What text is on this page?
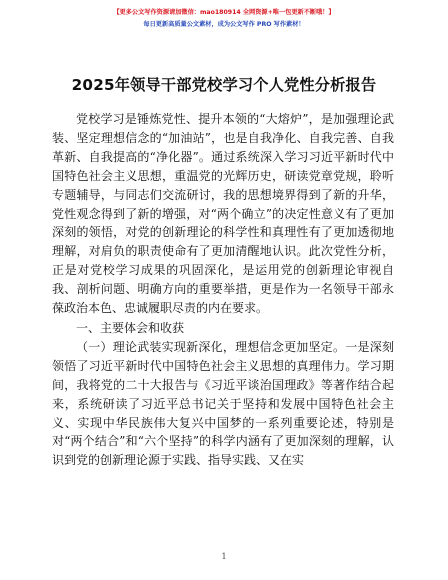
【更多公文写作资源请加微信：mao180914 全网资源+唯一包更新不断哦！】
每日更新高质量公文素材，成为公文写作 PRO 写作素材！
2025年领导干部党校学习个人党性分析报告

党校学习是锤炼党性、提升本领的“大熔炉”，是加强理论武装、坚定理想信念的“加油站”，也是自我净化、自我完善、自我革新、自我提高的“净化器”。通过系统深入学习习近平新时代中国特色社会主义思想，重温党的光辉历史，研读党章党规，聆听专题辅导，与同志们交流研讨，我的思想境界得到了新的升华，党性观念得到了新的增强，对“两个确立”的决定性意义有了更加深刻的领悟，对党的创新理论的科学性和真理性有了更加透彻地理解，对肩负的职责使命有了更加清醒地认识。此次党性分析，正是对党校学习成果的巩固深化，是运用党的创新理论审视自我、剖析问题、明确方向的重要举措，更是作为一名领导干部永葆政治本色、忠诚履职尽责的内在要求。

一、主要体会和收获

（一）理论武装实现新深化，理想信念更加坚定。一是深刻领悟了习近平新时代中国特色社会主义思想的真理伟力。学习期间，我将党的二十大报告与《习近平谈治国理政》等著作结合起来，系统研读了习近平总书记关于坚持和发展中国特色社会主义、实现中华民族伟大复兴中国梦的一系列重要论述，特别是对“两个结合”和“六个坚持”的科学内涵有了更加深刻的理解，认识到党的创新理论源于实践、指导实践、又在实

1
